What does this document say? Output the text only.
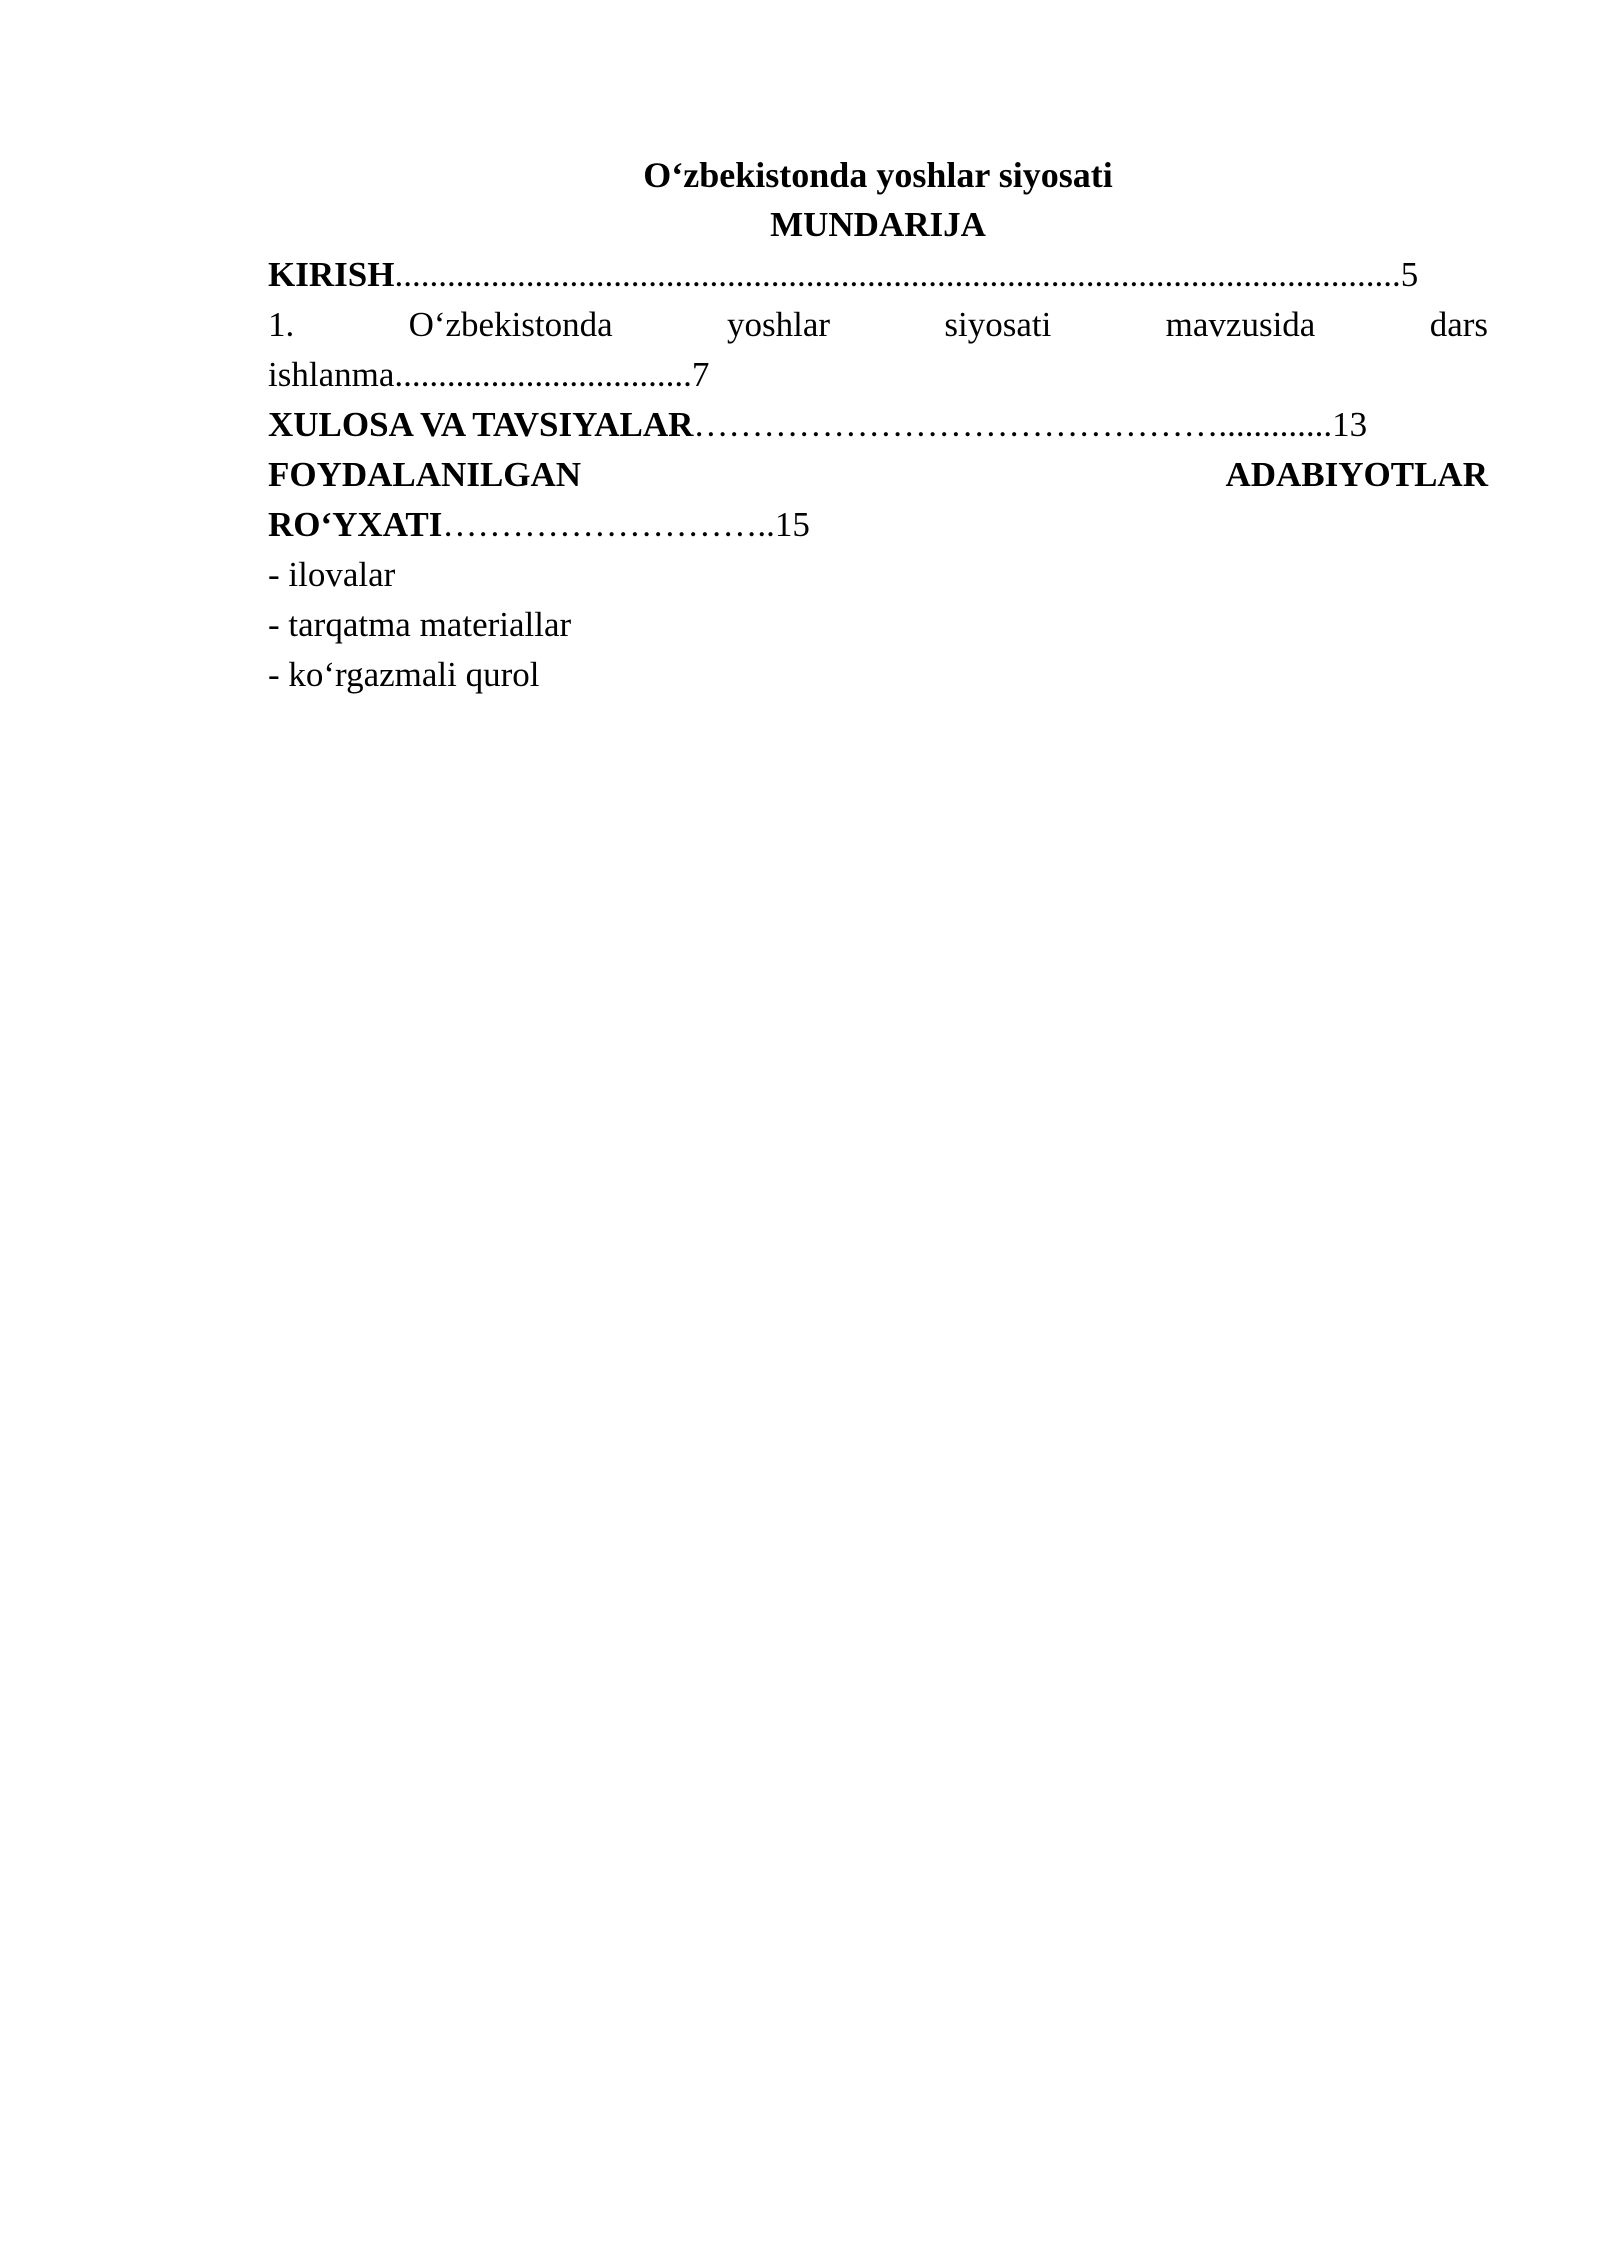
O‘zbekistonda yoshlar siyosati
MUNDARIJA
KIRISH...................................................................................................................5
1.	O‘zbekistonda	yoshlar	siyosati	mavzusida	dars
ishlanma..................................7
XULOSA VA TAVSIYALAR……………………………………….............13
FOYDALANILGAN	ADABIYOTLAR
RO‘YXATI………………………..15
- ilovalar
- tarqatma materiallar
- ko‘rgazmali qurol
